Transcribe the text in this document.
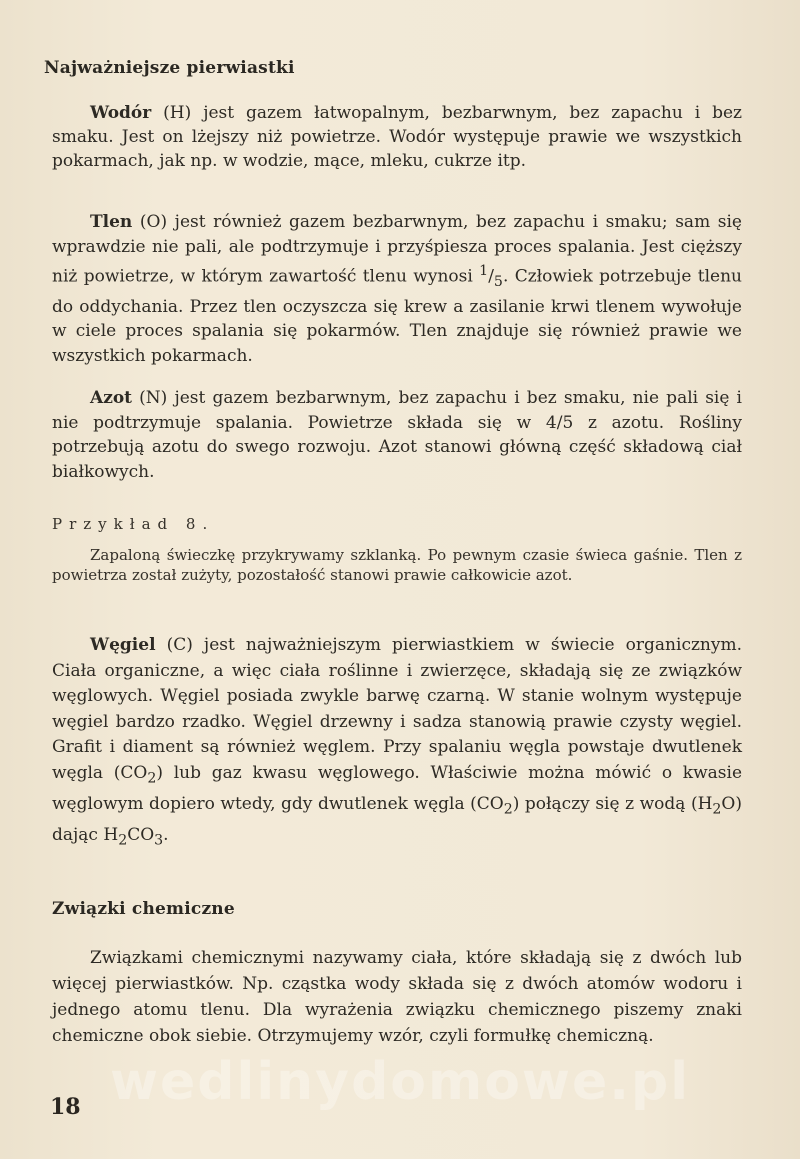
Najważniejsze pierwiastki
Wodór (H) jest gazem łatwopalnym, bezbarwnym, bez zapachu i bez smaku. Jest on lżejszy niż powietrze. Wodór występuje prawie we wszystkich pokarmach, jak np. w wodzie, mące, mleku, cukrze itp.
Tlen (O) jest również gazem bezbarwnym, bez zapachu i smaku; sam się wprawdzie nie pali, ale podtrzymuje i przyśpiesza proces spalania. Jest cięższy niż powietrze, w którym zawartość tlenu wynosi $^1/_5$. Człowiek potrzebuje tlenu do oddychania. Przez tlen oczyszcza się krew a zasilanie krwi tlenem wywołuje w ciele proces spalania się pokarmów. Tlen znajduje się również prawie we wszystkich pokarmach.
Azot (N) jest gazem bezbarwnym, bez zapachu i bez smaku, nie pali się i nie podtrzymuje spalania. Powietrze składa się w 4/5 z azotu. Rośliny potrzebują azotu do swego rozwoju. Azot stanowi główną część składową ciał białkowych.
Przykład 8.
Zapaloną świeczkę przykrywamy szklanką. Po pewnym czasie świeca gaśnie. Tlen z powietrza został zużyty, pozostałość stanowi prawie całkowicie azot.
Węgiel (C) jest najważniejszym pierwiastkiem w świecie organicznym. Ciała organiczne, a więc ciała roślinne i zwierzęce, składają się ze związków węglowych. Węgiel posiada zwykle barwę czarną. W stanie wolnym występuje węgiel bardzo rzadko. Węgiel drzewny i sadza stanowią prawie czysty węgiel. Grafit i diament są również węglem. Przy spalaniu węgla powstaje dwutlenek węgla $(CO_2)$ lub gaz kwasu węglowego. Właściwie można mówić o kwasie węglowym dopiero wtedy, gdy dwutlenek węgla $(CO_2)$ połączy się z wodą $(H_2O)$ dając $H_2CO_3$.
Związki chemiczne
Związkami chemicznymi nazywamy ciała, które składają się z dwóch lub więcej pierwiastków. Np. cząstka wody składa się z dwóch atomów wodoru i jednego atomu tlenu. Dla wyrażenia związku chemicznego piszemy znaki chemiczne obok siebie. Otrzymujemy wzór, czyli formułkę chemiczną.
wedlinydomowe.pl
18
